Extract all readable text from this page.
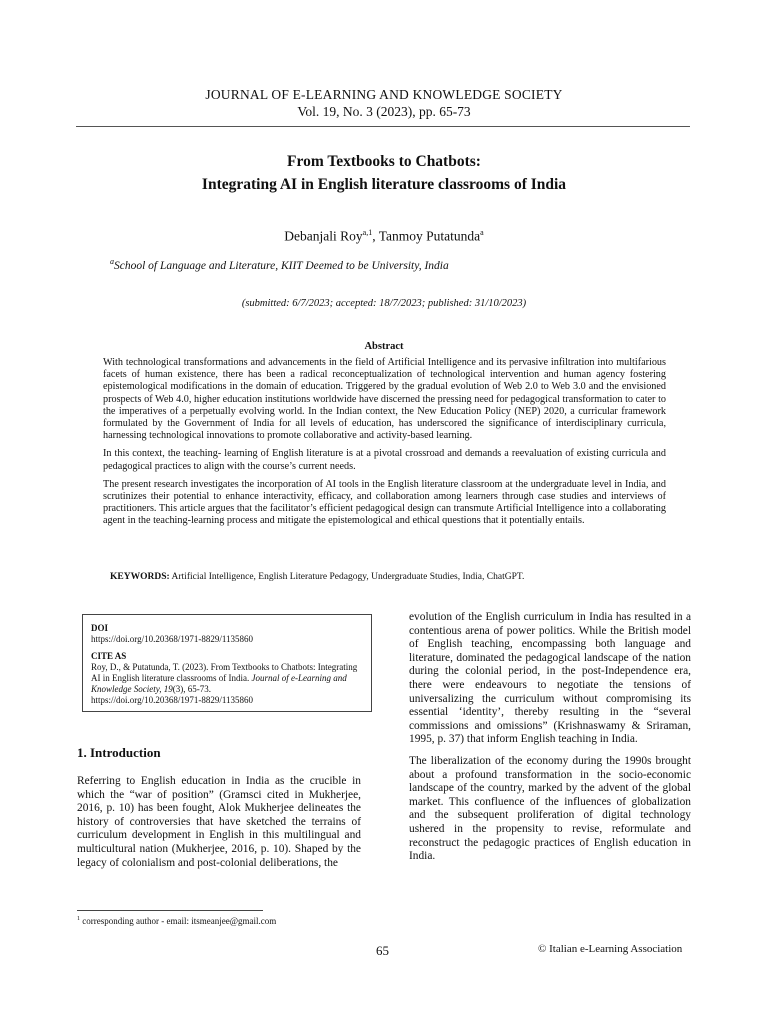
JOURNAL OF E-LEARNING AND KNOWLEDGE SOCIETY
Vol. 19, No. 3 (2023), pp. 65-73
From Textbooks to Chatbots:
Integrating AI in English literature classrooms of India
Debanjali Roy$^{a,1}$, Tanmoy Putatunda$^a$
$^a$School of Language and Literature, KIIT Deemed to be University, India
(submitted: 6/7/2023; accepted: 18/7/2023; published: 31/10/2023)
Abstract

With technological transformations and advancements in the field of Artificial Intelligence and its pervasive infiltration into multifarious facets of human existence, there has been a radical reconceptualization of technological intervention and human agency fostering epistemological modifications in the domain of education. Triggered by the gradual evolution of Web 2.0 to Web 3.0 and the envisioned prospects of Web 4.0, higher education institutions worldwide have discerned the pressing need for pedagogical transformation to cater to the imperatives of a perpetually evolving world. In the Indian context, the New Education Policy (NEP) 2020, a curricular framework formulated by the Government of India for all levels of education, has underscored the significance of interdisciplinary curricula, harnessing technological innovations to promote collaborative and activity-based learning.

In this context, the teaching- learning of English literature is at a pivotal crossroad and demands a reevaluation of existing curricula and pedagogical practices to align with the course’s current needs.

The present research investigates the incorporation of AI tools in the English literature classroom at the undergraduate level in India, and scrutinizes their potential to enhance interactivity, efficacy, and collaboration among learners through case studies and interviews of practitioners. This article argues that the facilitator’s efficient pedagogical design can transmute Artificial Intelligence into a collaborating agent in the teaching-learning process and mitigate the epistemological and ethical questions that it potentially entails.

KEYWORDS: Artificial Intelligence, English Literature Pedagogy, Undergraduate Studies, India, ChatGPT.
DOI
https://doi.org/10.20368/1971-8829/1135860
CITE AS
Roy, D., & Putatunda, T. (2023). From Textbooks to Chatbots: Integrating AI in English literature classrooms of India. Journal of e-Learning and Knowledge Society, 19(3), 65-73.
https://doi.org/10.20368/1971-8829/1135860
1. Introduction

Referring to English education in India as the crucible in which the “war of position” (Gramsci cited in Mukherjee, 2016, p. 10) has been fought, Alok Mukherjee delineates the history of controversies that have sketched the terrains of curriculum development in English in this multilingual and multicultural nation (Mukherjee, 2016, p. 10). Shaped by the legacy of colonialism and post-colonial deliberations, the

evolution of the English curriculum in India has resulted in a contentious arena of power politics. While the British model of English teaching, encompassing both language and literature, dominated the pedagogical landscape of the nation during the colonial period, in the post-Independence era, there were endeavours to negotiate the tensions of universalizing the curriculum without compromising its essential ‘identity’, thereby resulting in the “several commissions and omissions” (Krishnaswamy & Sriraman, 1995, p. 37) that inform English teaching in India.

The liberalization of the economy during the 1990s brought about a profound transformation in the socio-economic landscape of the country, marked by the advent of the global market. This confluence of the influences of globalization and the subsequent proliferation of digital technology ushered in the propensity to revise, reformulate and reconstruct the pedagogic practices of English education in India.

$^1$ corresponding author - email: itsmeanjee@gmail.com
65	© Italian e-Learning Association
